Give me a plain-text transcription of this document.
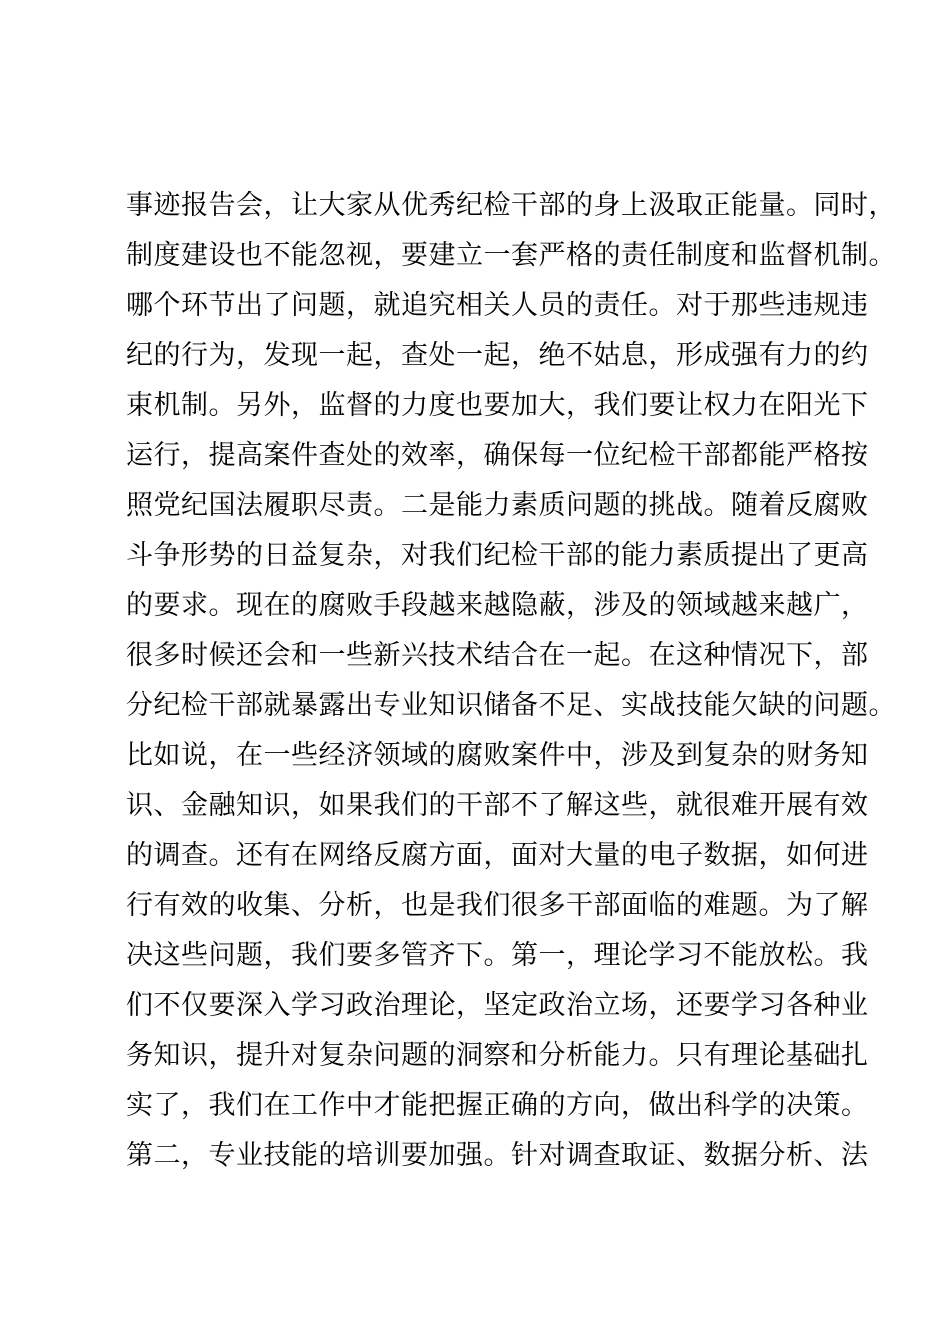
事迹报告会，让大家从优秀纪检干部的身上汲取正能量。同时，
制度建设也不能忽视，要建立一套严格的责任制度和监督机制。
哪个环节出了问题，就追究相关人员的责任。对于那些违规违
纪的行为，发现一起，查处一起，绝不姑息，形成强有力的约
束机制。另外，监督的力度也要加大，我们要让权力在阳光下
运行，提高案件查处的效率，确保每一位纪检干部都能严格按
照党纪国法履职尽责。二是能力素质问题的挑战。随着反腐败
斗争形势的日益复杂，对我们纪检干部的能力素质提出了更高
的要求。现在的腐败手段越来越隐蔽，涉及的领域越来越广，
很多时候还会和一些新兴技术结合在一起。在这种情况下，部
分纪检干部就暴露出专业知识储备不足、实战技能欠缺的问题。
比如说，在一些经济领域的腐败案件中，涉及到复杂的财务知
识、金融知识，如果我们的干部不了解这些，就很难开展有效
的调查。还有在网络反腐方面，面对大量的电子数据，如何进
行有效的收集、分析，也是我们很多干部面临的难题。为了解
决这些问题，我们要多管齐下。第一，理论学习不能放松。我
们不仅要深入学习政治理论，坚定政治立场，还要学习各种业
务知识，提升对复杂问题的洞察和分析能力。只有理论基础扎
实了，我们在工作中才能把握正确的方向，做出科学的决策。
第二，专业技能的培训要加强。针对调查取证、数据分析、法
